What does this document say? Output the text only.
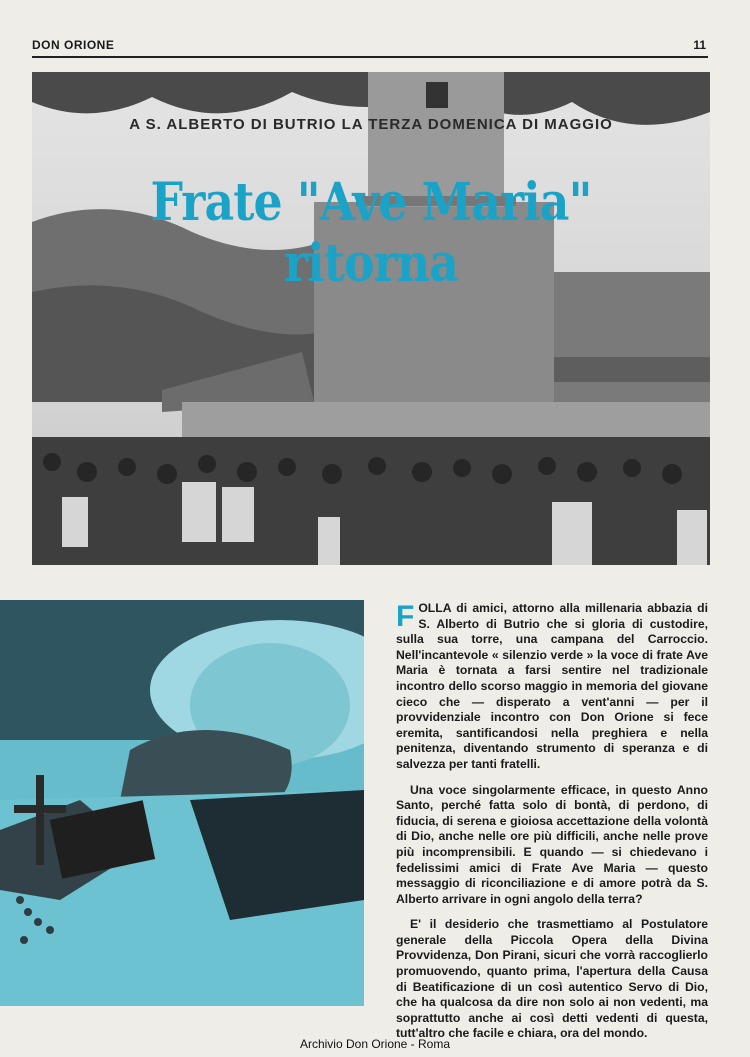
DON ORIONE	11
A S. ALBERTO DI BUTRIO LA TERZA DOMENICA DI MAGGIO
Frate "Ave Maria" ritorna

FOLLA di amici, attorno alla millenaria abbazia di S. Alberto di Butrio che si gloria di custodire, sulla sua torre, una campana del Carroccio. Nell'incantevole « silenzio verde » la voce di frate Ave Maria è tornata a farsi sentire nel tradizionale incontro dello scorso maggio in memoria del giovane cieco che — disperato a vent'anni — per il provvidenziale incontro con Don Orione si fece eremita, santificandosi nella preghiera e nella penitenza, diventando strumento di speranza e di salvezza per tanti fratelli.

Una voce singolarmente efficace, in questo Anno Santo, perché fatta solo di bontà, di perdono, di fiducia, di serena e gioiosa accettazione della volontà di Dio, anche nelle ore più difficili, anche nelle prove più incomprensibili. E quando — si chiedevano i fedelissimi amici di Frate Ave Maria — questo messaggio di riconciliazione e di amore potrà da S. Alberto arrivare in ogni angolo della terra?

E' il desiderio che trasmettiamo al Postulatore generale della Piccola Opera della Divina Provvidenza, Don Pirani, sicuri che vorrà raccoglierlo promuovendo, quanto prima, l'apertura della Causa di Beatificazione di un così autentico Servo di Dio, che ha qualcosa da dire non solo ai non vedenti, ma soprattutto anche ai così detti vedenti di questa, tutt'altro che facile e chiara, ora del mondo.

Archivio Don Orione - Roma
